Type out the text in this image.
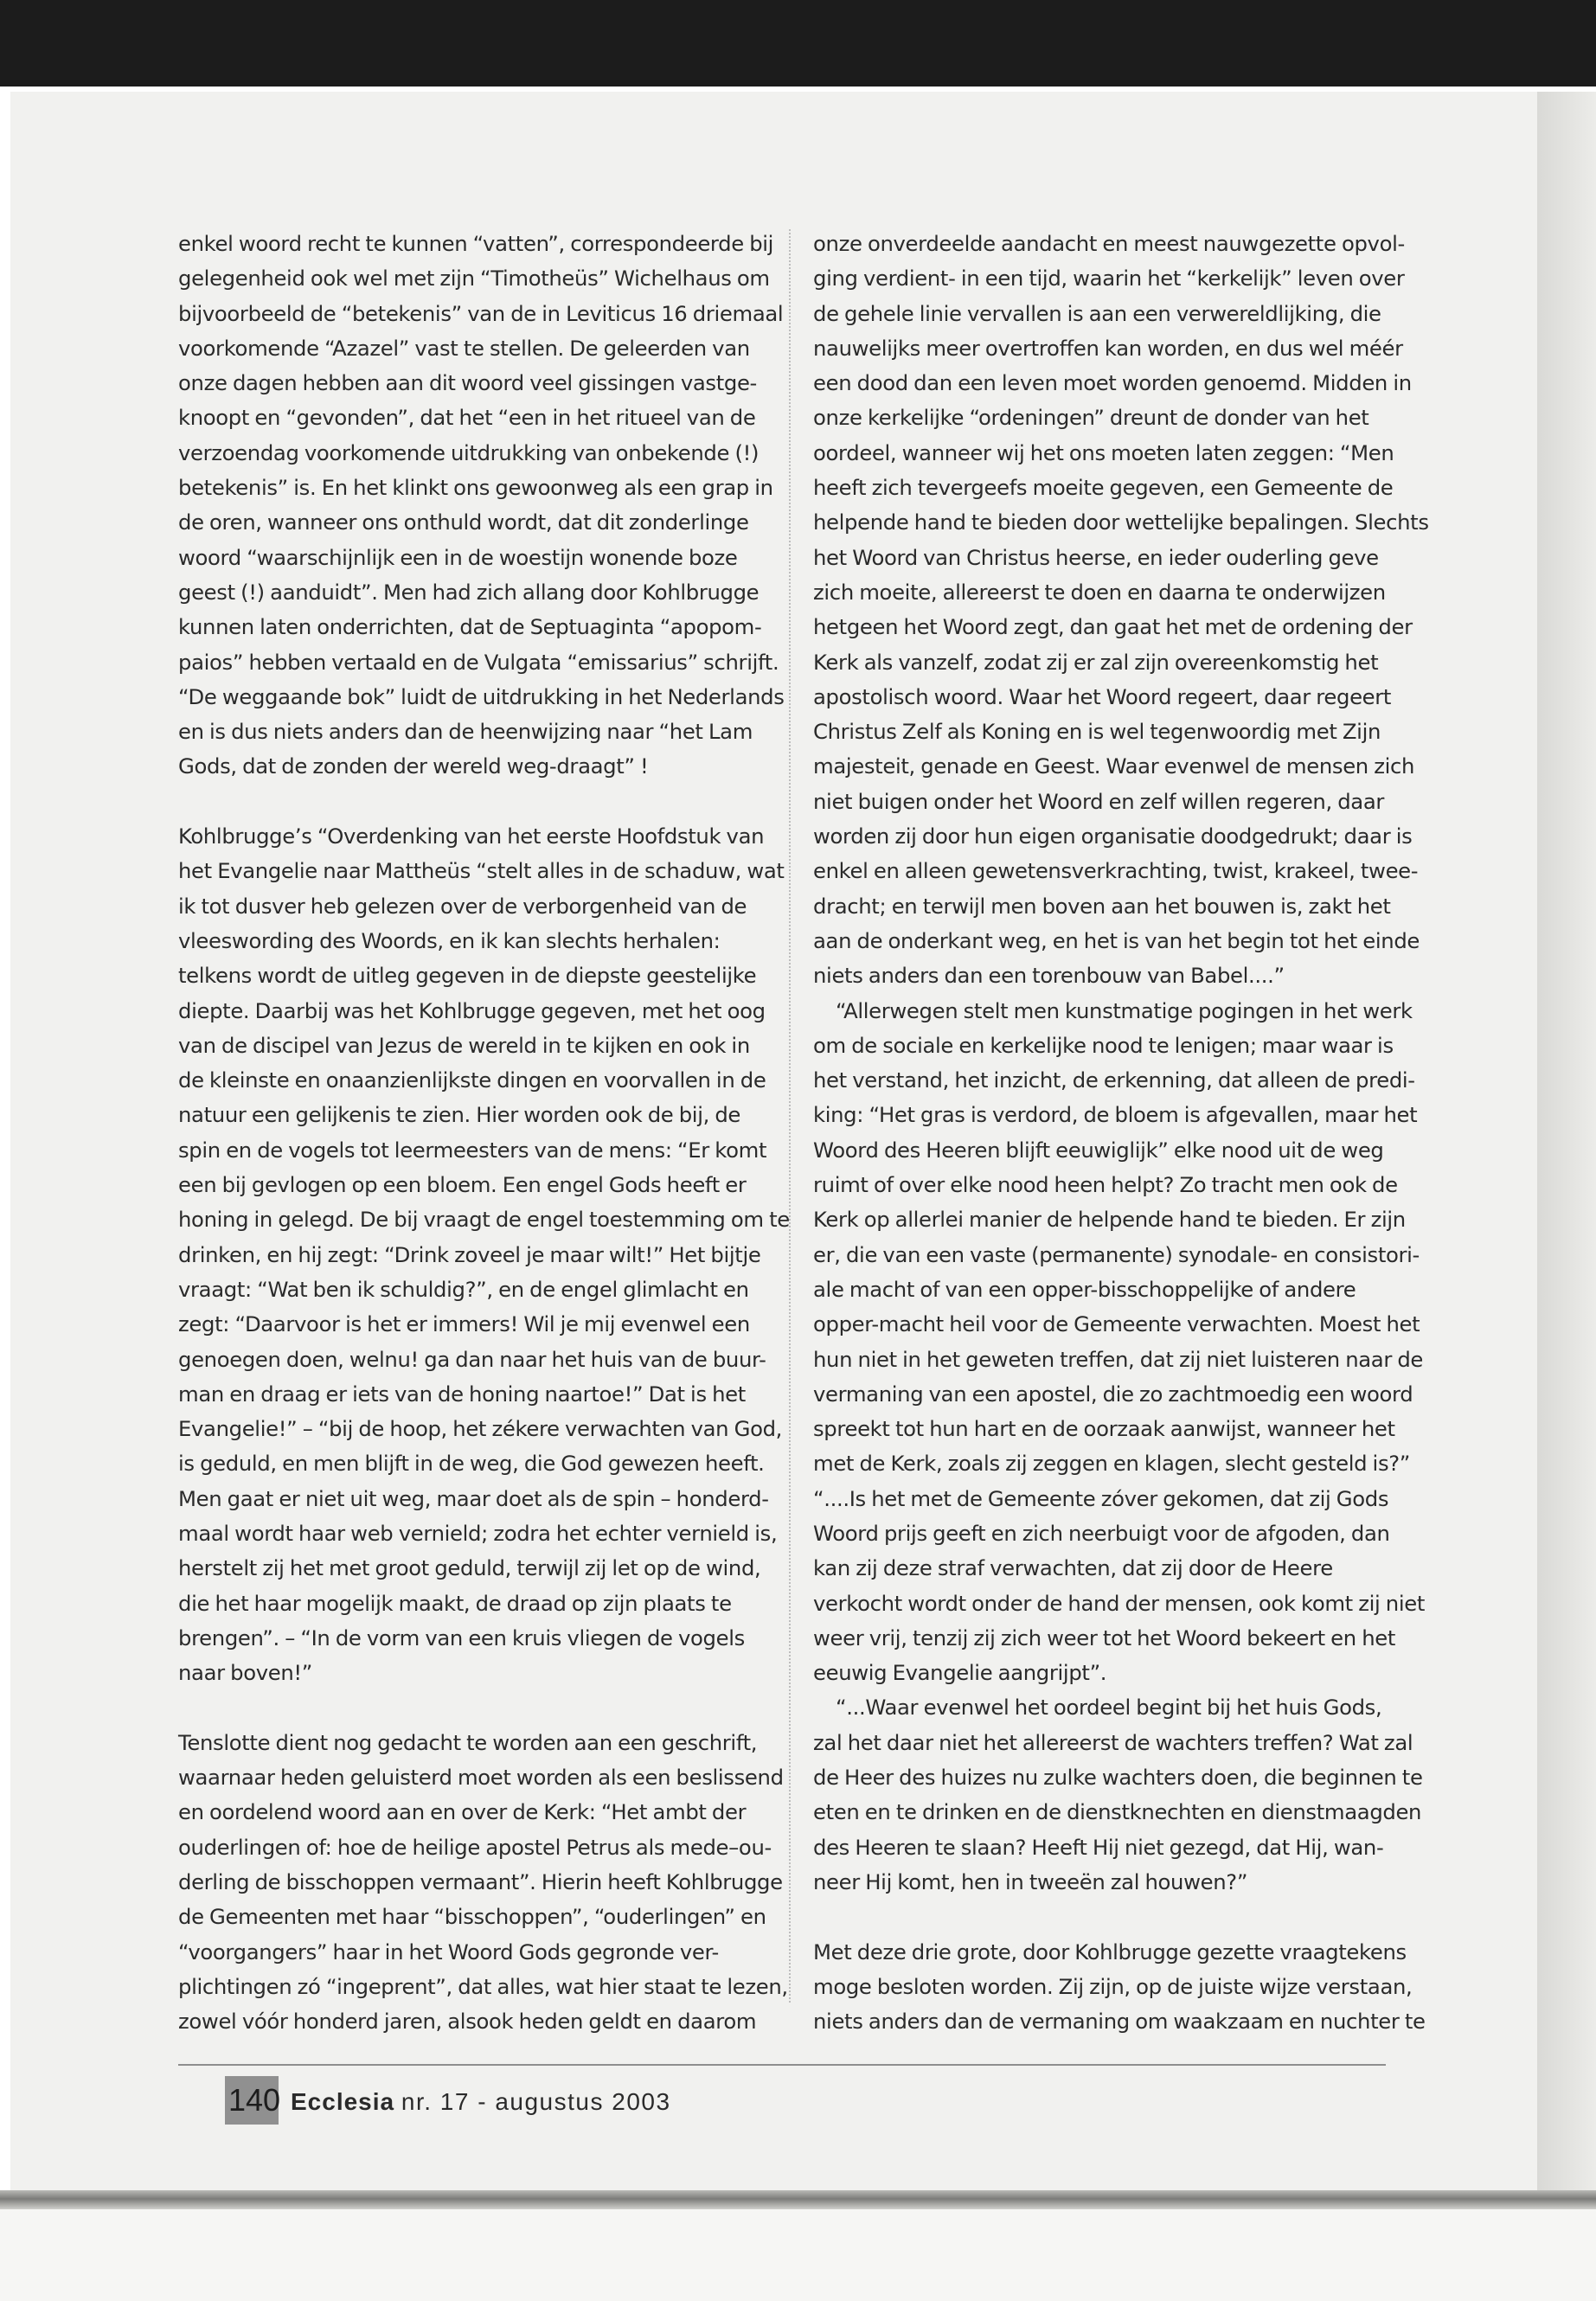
enkel woord recht te kunnen “vatten”, correspondeerde bij
gelegenheid ook wel met zijn “Timotheüs” Wichelhaus om
bijvoorbeeld de “betekenis” van de in Leviticus 16 driemaal
voorkomende “Azazel” vast te stellen. De geleerden van
onze dagen hebben aan dit woord veel gissingen vastge-
knoopt en “gevonden”, dat het “een in het ritueel van de
verzoendag voorkomende uitdrukking van onbekende (!)
betekenis” is. En het klinkt ons gewoonweg als een grap in
de oren, wanneer ons onthuld wordt, dat dit zonderlinge
woord “waarschijnlijk een in de woestijn wonende boze
geest (!) aanduidt”. Men had zich allang door Kohlbrugge
kunnen laten onderrichten, dat de Septuaginta “apopom-
paios” hebben vertaald en de Vulgata “emissarius” schrijft.
“De weggaande bok” luidt de uitdrukking in het Nederlands
en is dus niets anders dan de heenwijzing naar “het Lam
Gods, dat de zonden der wereld weg-draagt” !
Kohlbrugge’s “Overdenking van het eerste Hoofdstuk van
het Evangelie naar Mattheüs “stelt alles in de schaduw, wat
ik tot dusver heb gelezen over de verborgenheid van de
vleeswording des Woords, en ik kan slechts herhalen:
telkens wordt de uitleg gegeven in de diepste geestelijke
diepte. Daarbij was het Kohlbrugge gegeven, met het oog
van de discipel van Jezus de wereld in te kijken en ook in
de kleinste en onaanzienlijkste dingen en voorvallen in de
natuur een gelijkenis te zien. Hier worden ook de bij, de
spin en de vogels tot leermeesters van de mens: “Er komt
een bij gevlogen op een bloem. Een engel Gods heeft er
honing in gelegd. De bij vraagt de engel toestemming om te
drinken, en hij zegt: “Drink zoveel je maar wilt!” Het bijtje
vraagt: “Wat ben ik schuldig?”, en de engel glimlacht en
zegt: “Daarvoor is het er immers! Wil je mij evenwel een
genoegen doen, welnu! ga dan naar het huis van de buur-
man en draag er iets van de honing naartoe!” Dat is het
Evangelie!” – “bij de hoop, het zékere verwachten van God,
is geduld, en men blijft in de weg, die God gewezen heeft.
Men gaat er niet uit weg, maar doet als de spin – honderd-
maal wordt haar web vernield; zodra het echter vernield is,
herstelt zij het met groot geduld, terwijl zij let op de wind,
die het haar mogelijk maakt, de draad op zijn plaats te
brengen”. – “In de vorm van een kruis vliegen de vogels
naar boven!”
Tenslotte dient nog gedacht te worden aan een geschrift,
waarnaar heden geluisterd moet worden als een beslissend
en oordelend woord aan en over de Kerk: “Het ambt der
ouderlingen of: hoe de heilige apostel Petrus als mede–ou-
derling de bisschoppen vermaant”. Hierin heeft Kohlbrugge
de Gemeenten met haar “bisschoppen”, “ouderlingen” en
“voorgangers” haar in het Woord Gods gegronde ver-
plichtingen zó “ingeprent”, dat alles, wat hier staat te lezen,
zowel vóór honderd jaren, alsook heden geldt en daarom
onze onverdeelde aandacht en meest nauwgezette opvol-
ging verdient- in een tijd, waarin het “kerkelijk” leven over
de gehele linie vervallen is aan een verwereldlijking, die
nauwelijks meer overtroffen kan worden, en dus wel méér
een dood dan een leven moet worden genoemd. Midden in
onze kerkelijke “ordeningen” dreunt de donder van het
oordeel, wanneer wij het ons moeten laten zeggen: “Men
heeft zich tevergeefs moeite gegeven, een Gemeente de
helpende hand te bieden door wettelijke bepalingen. Slechts
het Woord van Christus heerse, en ieder ouderling geve
zich moeite, allereerst te doen en daarna te onderwijzen
hetgeen het Woord zegt, dan gaat het met de ordening der
Kerk als vanzelf, zodat zij er zal zijn overeenkomstig het
apostolisch woord. Waar het Woord regeert, daar regeert
Christus Zelf als Koning en is wel tegenwoordig met Zijn
majesteit, genade en Geest. Waar evenwel de mensen zich
niet buigen onder het Woord en zelf willen regeren, daar
worden zij door hun eigen organisatie doodgedrukt; daar is
enkel en alleen gewetensverkrachting, twist, krakeel, twee-
dracht; en terwijl men boven aan het bouwen is, zakt het
aan de onderkant weg, en het is van het begin tot het einde
niets anders dan een torenbouw van Babel....”
“Allerwegen stelt men kunstmatige pogingen in het werk
om de sociale en kerkelijke nood te lenigen; maar waar is
het verstand, het inzicht, de erkenning, dat alleen de predi-
king: “Het gras is verdord, de bloem is afgevallen, maar het
Woord des Heeren blijft eeuwiglijk” elke nood uit de weg
ruimt of over elke nood heen helpt? Zo tracht men ook de
Kerk op allerlei manier de helpende hand te bieden. Er zijn
er, die van een vaste (permanente) synodale- en consistori-
ale macht of van een opper-bisschoppelijke of andere
opper-macht heil voor de Gemeente verwachten. Moest het
hun niet in het geweten treffen, dat zij niet luisteren naar de
vermaning van een apostel, die zo zachtmoedig een woord
spreekt tot hun hart en de oorzaak aanwijst, wanneer het
met de Kerk, zoals zij zeggen en klagen, slecht gesteld is?”
“....Is het met de Gemeente zóver gekomen, dat zij Gods
Woord prijs geeft en zich neerbuigt voor de afgoden, dan
kan zij deze straf verwachten, dat zij door de Heere
verkocht wordt onder de hand der mensen, ook komt zij niet
weer vrij, tenzij zij zich weer tot het Woord bekeert en het
eeuwig Evangelie aangrijpt”.
“...Waar evenwel het oordeel begint bij het huis Gods,
zal het daar niet het allereerst de wachters treffen? Wat zal
de Heer des huizes nu zulke wachters doen, die beginnen te
eten en te drinken en de dienstknechten en dienstmaagden
des Heeren te slaan? Heeft Hij niet gezegd, dat Hij, wan-
neer Hij komt, hen in tweeën zal houwen?”
Met deze drie grote, door Kohlbrugge gezette vraagtekens
moge besloten worden. Zij zijn, op de juiste wijze verstaan,
niets anders dan de vermaning om waakzaam en nuchter te
140 Ecclesia nr. 17 - augustus 2003
